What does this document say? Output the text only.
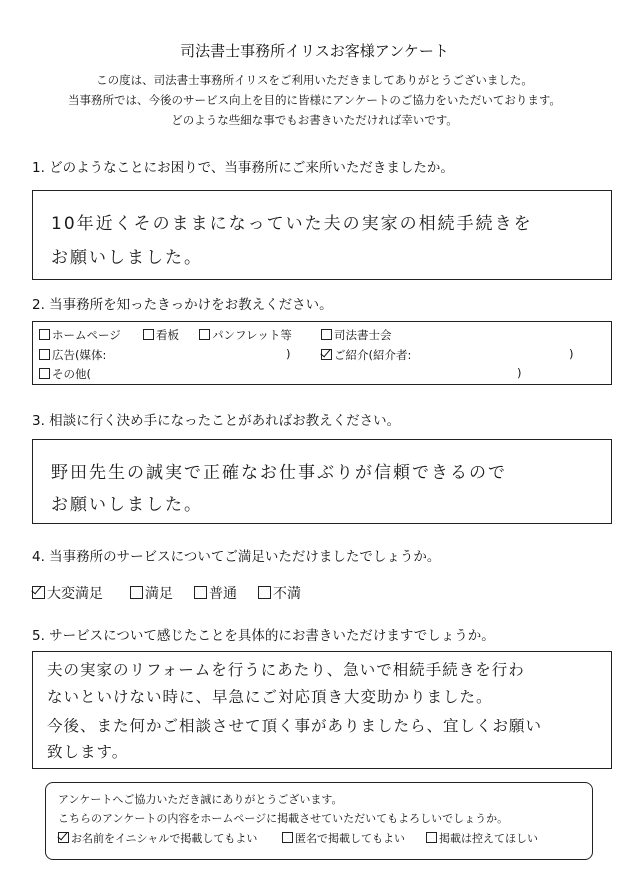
司法書士事務所イリスお客様アンケート
この度は、司法書士事務所イリスをご利用いただきましてありがとうございました。
当事務所では、今後のサービス向上を目的に皆様にアンケートのご協力をいただいております。
どのような些細な事でもお書きいただければ幸いです。
1. どのようなことにお困りで、当事務所にご来所いただきましたか。
10年近くそのままになっていた夫の実家の相続手続きを
お願いしました。
2. 当事務所を知ったきっかけをお教えください。
ホームページ	看板	パンフレット等	司法書士会
広告(媒体:	)	ご紹介(紹介者:	)
その他(	)
3. 相談に行く決め手になったことがあればお教えください。
野田先生の誠実で正確なお仕事ぶりが信頼できるので
お願いしました。
4. 当事務所のサービスについてご満足いただけましたでしょうか。
大変満足	満足	普通	不満
5. サービスについて感じたことを具体的にお書きいただけますでしょうか。
夫の実家のリフォームを行うにあたり、急いで相続手続きを行わ
ないといけない時に、早急にご対応頂き大変助かりました。
今後、また何かご相談させて頂く事がありましたら、宜しくお願い
致します。
アンケートへご協力いただき誠にありがとうございます。
こちらのアンケートの内容をホームページに掲載させていただいてもよろしいでしょうか。
お名前をイニシャルで掲載してもよい	匿名で掲載してもよい	掲載は控えてほしい
